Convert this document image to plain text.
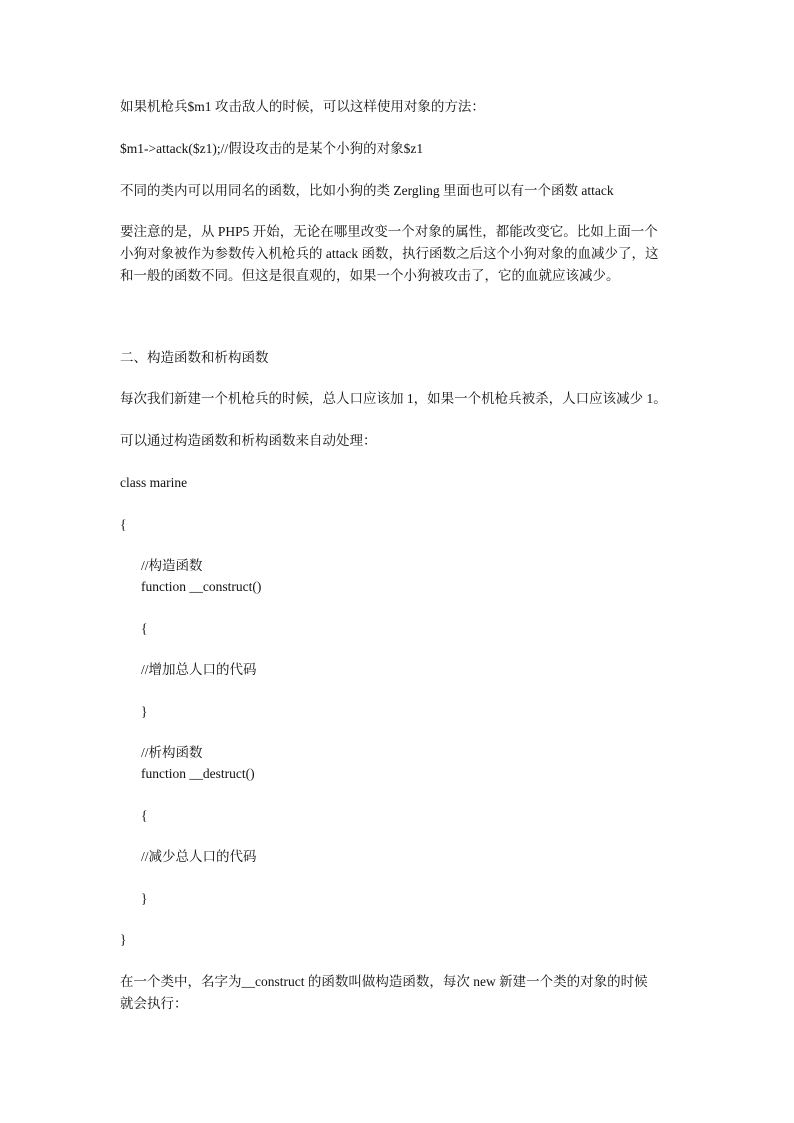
如果机枪兵$m1 攻击敌人的时候，可以这样使用对象的方法：

$m1->attack($z1);//假设攻击的是某个小狗的对象$z1

不同的类内可以用同名的函数，比如小狗的类 Zergling 里面也可以有一个函数 attack

要注意的是，从 PHP5 开始，无论在哪里改变一个对象的属性，都能改变它。比如上面一个

小狗对象被作为参数传入机枪兵的 attack 函数，执行函数之后这个小狗对象的血减少了，这

和一般的函数不同。但这是很直观的，如果一个小狗被攻击了，它的血就应该减少。

二、构造函数和析构函数

每次我们新建一个机枪兵的时候，总人口应该加 1，如果一个机枪兵被杀，人口应该减少 1。

可以通过构造函数和析构函数来自动处理：

class marine

{

//构造函数

function __construct()

{

//增加总人口的代码

}

//析构函数

function __destruct()

{

//减少总人口的代码

}

}

在一个类中，名字为__construct 的函数叫做构造函数，每次 new 新建一个类的对象的时候

就会执行：
